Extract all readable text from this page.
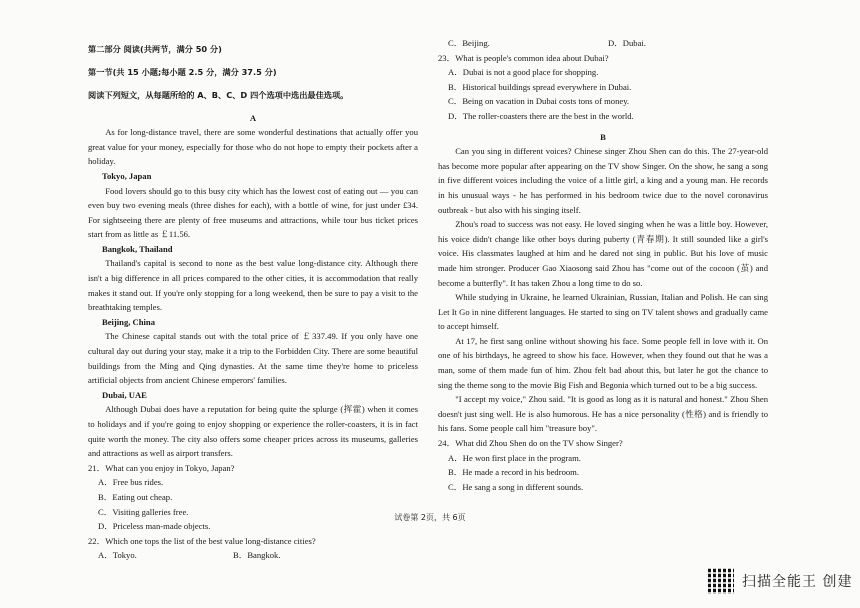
第二部分 阅读(共两节，满分 50 分)

第一节(共 15 小题;每小题 2.5 分，满分 37.5 分)

阅读下列短文，从每题所给的 A、B、C、D 四个选项中选出最佳选项。

A

As for long-distance travel, there are some wonderful destinations that actually offer you great value for your money, especially for those who do not hope to empty their pockets after a holiday.

Tokyo, Japan

Food lovers should go to this busy city which has the lowest cost of eating out — you can even buy two evening meals (three dishes for each), with a bottle of wine, for just under £34. For sightseeing there are plenty of free museums and attractions, while tour bus ticket prices start from as little as ￡11.56.

Bangkok, Thailand

Thailand's capital is second to none as the best value long-distance city. Although there isn't a big difference in all prices compared to the other cities, it is accommodation that really makes it stand out. If you're only stopping for a long weekend, then be sure to pay a visit to the breathtaking temples.

Beijing, China

The Chinese capital stands out with the total price of ￡337.49. If you only have one cultural day out during your stay, make it a trip to the Forbidden City. There are some beautiful buildings from the Ming and Qing dynasties. At the same time they're home to priceless artificial objects from ancient Chinese emperors' families.

Dubai, UAE

Although Dubai does have a reputation for being quite the splurge (挥霍) when it comes to holidays and if you're going to enjoy shopping or experience the roller-coasters, it is in fact quite worth the money. The city also offers some cheaper prices across its museums, galleries and attractions as well as airport transfers.

21．What can you enjoy in Tokyo, Japan?

A．Free bus rides.

B．Eating out cheap.

C．Visiting galleries free.

D．Priceless man-made objects.

22．Which one tops the list of the best value long-distance cities?

A．Tokyo.	B．Bangkok.
C．Beijing.	D．Dubai.

23．What is people's common idea about Dubai?

A．Dubai is not a good place for shopping.

B．Historical buildings spread everywhere in Dubai.

C．Being on vacation in Dubai costs tons of money.

D．The roller-coasters there are the best in the world.

B

Can you sing in different voices? Chinese singer Zhou Shen can do this. The 27-year-old has become more popular after appearing on the TV show Singer. On the show, he sang a song in five different voices including the voice of a little girl, a king and a young man. He records in his unusual ways - he has performed in his bedroom twice due to the novel coronavirus outbreak - but also with his singing itself.

Zhou's road to success was not easy. He loved singing when he was a little boy. However, his voice didn't change like other boys during puberty (青春期). It still sounded like a girl's voice. His classmates laughed at him and he dared not sing in public. But his love of music made him stronger. Producer Gao Xiaosong said Zhou has "come out of the cocoon (茧) and become a butterfly". It has taken Zhou a long time to do so.

While studying in Ukraine, he learned Ukrainian, Russian, Italian and Polish. He can sing Let It Go in nine different languages. He started to sing on TV talent shows and gradually came to accept himself.

At 17, he first sang online without showing his face. Some people fell in love with it. On one of his birthdays, he agreed to show his face. However, when they found out that he was a man, some of them made fun of him. Zhou felt bad about this, but later he got the chance to sing the theme song to the movie Big Fish and Begonia which turned out to be a big success.

"I accept my voice," Zhou said. "It is good as long as it is natural and honest." Zhou Shen doesn't just sing well. He is also humorous. He has a nice personality (性格) and is friendly to his fans. Some people call him "treasure boy".

24．What did Zhou Shen do on the TV show Singer?

A．He won first place in the program.

B．He made a record in his bedroom.

C．He sang a song in different sounds.

试卷第 2页，共 6页
扫描全能王 创建
